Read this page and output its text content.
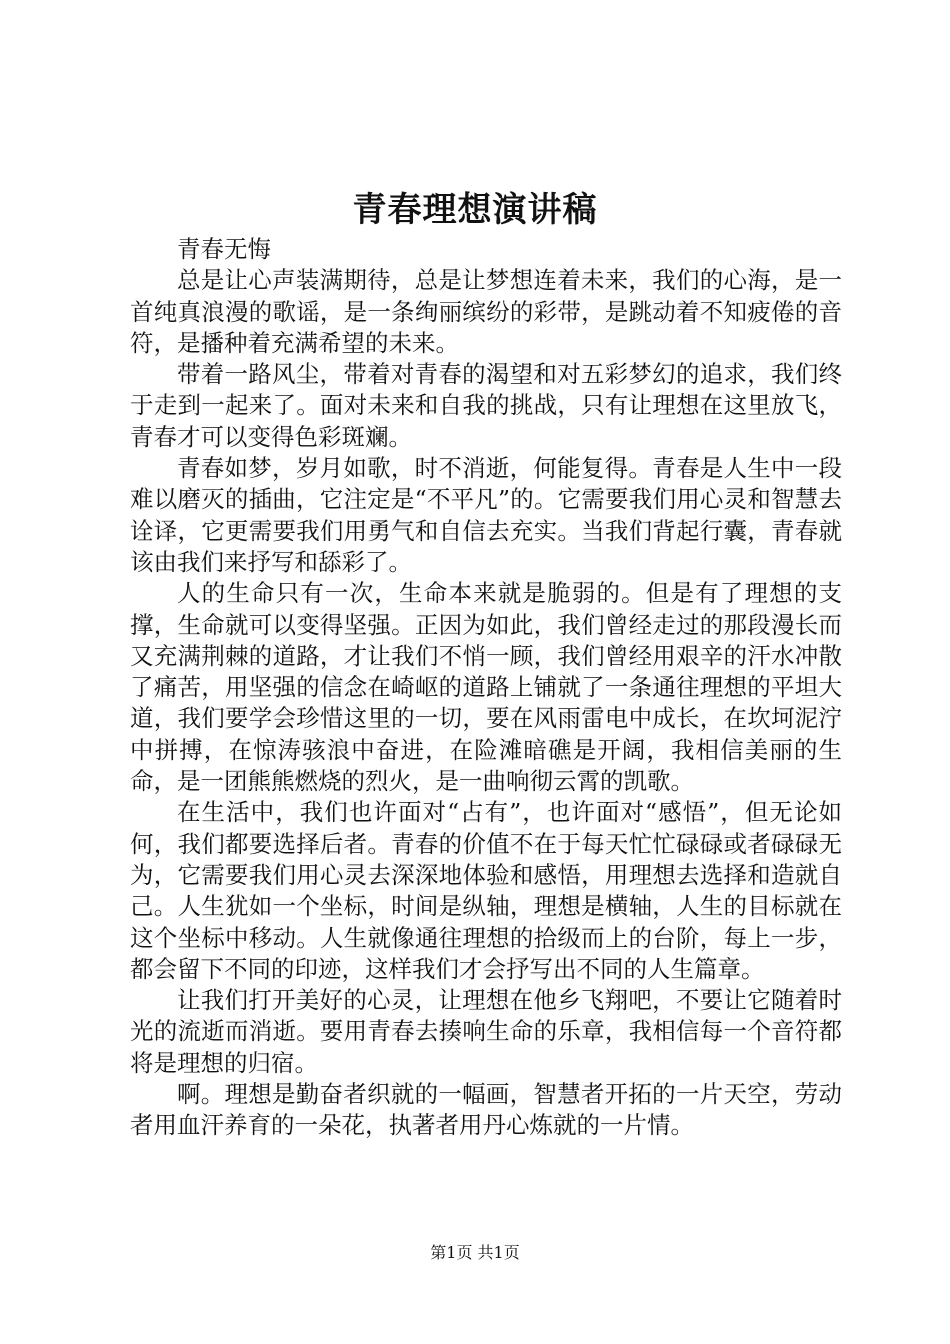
青春理想演讲稿

青春无悔

总是让心声装满期待，总是让梦想连着未来，我们的心海，是一首纯真浪漫的歌谣，是一条绚丽缤纷的彩带，是跳动着不知疲倦的音符，是播种着充满希望的未来。

带着一路风尘，带着对青春的渴望和对五彩梦幻的追求，我们终于走到一起来了。面对未来和自我的挑战，只有让理想在这里放飞，青春才可以变得色彩斑斓。

青春如梦，岁月如歌，时不消逝，何能复得。青春是人生中一段难以磨灭的插曲，它注定是“不平凡”的。它需要我们用心灵和智慧去诠译，它更需要我们用勇气和自信去充实。当我们背起行囊，青春就该由我们来抒写和舔彩了。

人的生命只有一次，生命本来就是脆弱的。但是有了理想的支撑，生命就可以变得坚强。正因为如此，我们曾经走过的那段漫长而又充满荆棘的道路，才让我们不悄一顾，我们曾经用艰辛的汗水冲散了痛苦，用坚强的信念在崎岖的道路上铺就了一条通往理想的平坦大道，我们要学会珍惜这里的一切，要在风雨雷电中成长，在坎坷泥泞中拼搏，在惊涛骇浪中奋进，在险滩暗礁是开阔，我相信美丽的生命，是一团熊熊燃烧的烈火，是一曲响彻云霄的凯歌。

在生活中，我们也许面对“占有”，也许面对“感悟”，但无论如何，我们都要选择后者。青春的价值不在于每天忙忙碌碌或者碌碌无为，它需要我们用心灵去深深地体验和感悟，用理想去选择和造就自己。人生犹如一个坐标，时间是纵轴，理想是横轴，人生的目标就在这个坐标中移动。人生就像通往理想的拾级而上的台阶，每上一步，都会留下不同的印迹，这样我们才会抒写出不同的人生篇章。

让我们打开美好的心灵，让理想在他乡飞翔吧，不要让它随着时光的流逝而消逝。要用青春去揍响生命的乐章，我相信每一个音符都将是理想的归宿。

啊。理想是勤奋者织就的一幅画，智慧者开拓的一片天空，劳动者用血汗养育的一朵花，执著者用丹心炼就的一片情。

第1页 共1页
